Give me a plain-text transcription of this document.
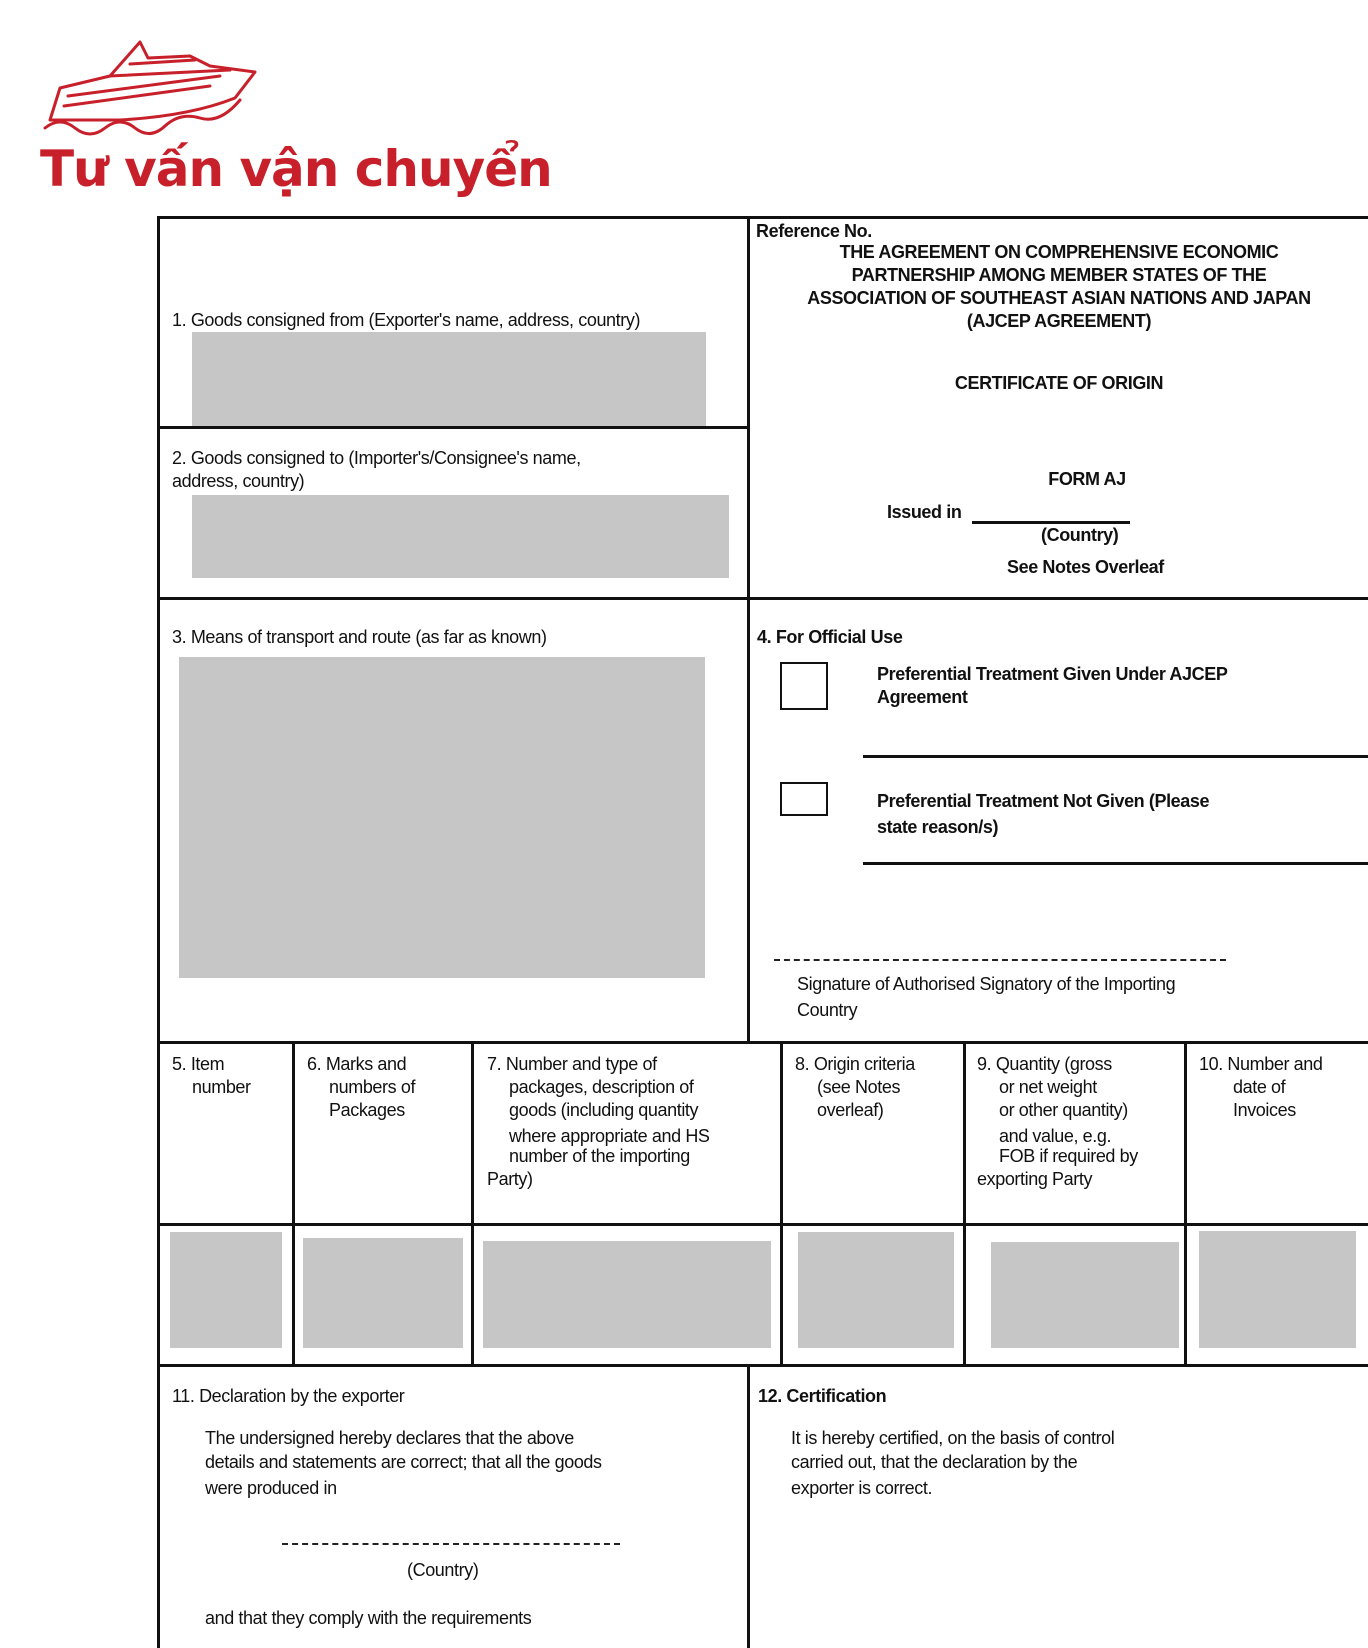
Tư vấn vận chuyển
1. Goods consigned from (Exporter's name, address, country)
2. Goods consigned to (Importer's/Consignee's name,
address, country)
Reference No.
THE AGREEMENT ON COMPREHENSIVE ECONOMIC
PARTNERSHIP AMONG MEMBER STATES OF THE
ASSOCIATION OF SOUTHEAST ASIAN NATIONS AND JAPAN
(AJCEP AGREEMENT)
CERTIFICATE OF ORIGIN
FORM AJ
Issued in
(Country)
See Notes Overleaf
3. Means of transport and route (as far as known)	4. For Official Use
Preferential Treatment Given Under AJCEP
Agreement
Preferential Treatment Not Given (Please
state reason/s)
Signature of Authorised Signatory of the Importing
Country
5. Item
number
6. Marks and
numbers of
Packages
7. Number and type of
packages, description of
goods (including quantity
where appropriate and HS
number of the importing
Party)
8. Origin criteria
(see Notes
overleaf)
9. Quantity (gross
or net weight
or other quantity)
and value, e.g.
FOB if required by
exporting Party
10. Number and
date of
Invoices
11. Declaration by the exporter
The undersigned hereby declares that the above
details and statements are correct; that all the goods
were produced in
(Country)
and that they comply with the requirements
12. Certification
It is hereby certified, on the basis of control
carried out, that the declaration by the
exporter is correct.
